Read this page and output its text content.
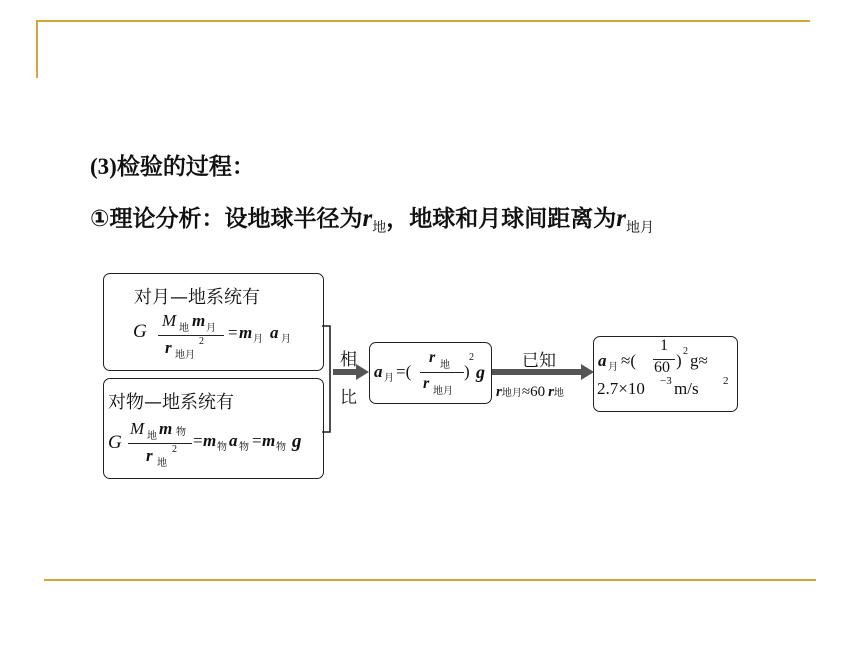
(3)检验的过程：
①理论分析：设地球半径为$r_地$，地球和月球间距离为$r_{地月}$
对月—地系统有
G
M 地 m 月
r 地月
2 = m 月 a 月
对物—地系统有
G
M 地 m 物
r 地
2 = m 物 a 物 = m 物 g
相
比
a 月 =(
r 地
r 地月
)
2
g
已知
r地月≈60 r地
a 月 ≈(
1
60 ) 2 g≈
2.7×10 −3 m/s 2
